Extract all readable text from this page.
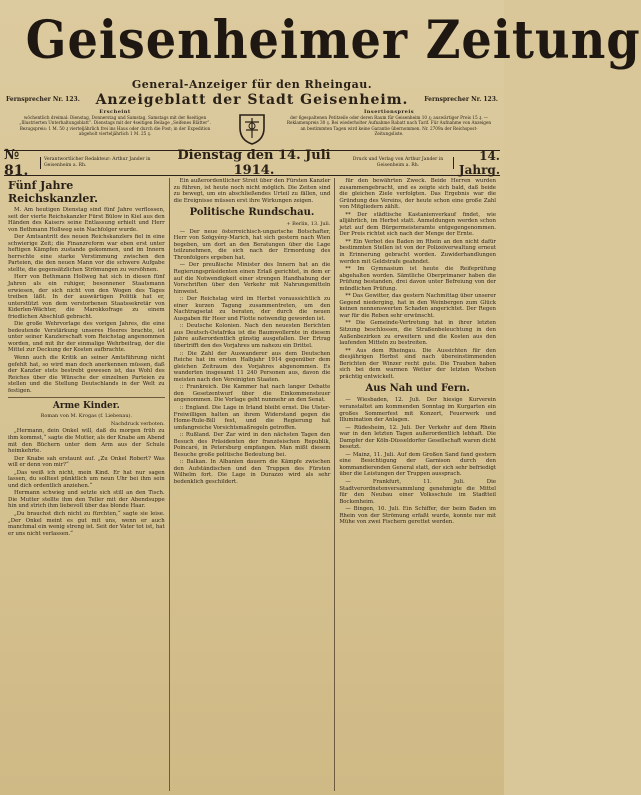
Geisenheimer Zeitung
General-Anzeiger für den Rheingau.
Fernsprecher Nr. 123.	Anzeigeblatt der Stadt Geisenheim.	Fernsprecher Nr. 123.
Erscheint
wöchentlich dreimal: Dienstag, Donnerstag und Samstag, Samstags mit der 8seitigen „Illustrierten Unterhaltungsblatt“. Dienstags mit der 4seitigen Beilage „Seifenes Blätter“. Bezugspreis: 1 M. 50 ₰ vierteljährlich frei ins Haus oder durch die Post; in der Expedition abgeholt vierteljährlich 1 M. 25 ₰.
Insertionspreis
der 6gespaltenen Petitzeile oder deren Raum für Geisenheim 10 ₰; auswärtiger Preis 15 ₰. — Reklamenpreis 30 ₰. Bei wiederholter Aufnahme Rabatt nach Tarif. Für Aufnahme von Anzeigen an bestimmten Tagen wird keine Garantie übernommen. Nr. 2709a der Reichspost-Zeitungsliste.
№ 81.
Verantwortlicher Redakteur: Arthur Jander in Geisenheim a. Rh.
Dienstag den 14. Juli 1914.
Druck und Verlag von Arthur Jander in Geisenheim a. Rh.
14. Jahrg.
Fünf Jahre Reichskanzler.

M. Am heutigen Dienstag sind fünf Jahre verflossen, seit der vierte Reichskanzler Fürst Bülow in Kiel aus den Händen des Kaisers seine Entlassung erhielt und Herr von Bethmann Hollweg sein Nachfolger wurde.

Der Amtsantritt des neuen Reichskanzlers fiel in eine schwierige Zeit; die Finanzreform war eben erst unter heftigen Kämpfen zustande gekommen, und im Innern herrschte eine starke Verstimmung zwischen den Parteien, die den neuen Mann vor die schwere Aufgabe stellte, die gegensätzlichen Strömungen zu versöhnen.

Herr von Bethmann Hollweg hat sich in diesen fünf Jahren als ein ruhiger, besonnener Staatsmann erwiesen, der sich nicht von den Wogen des Tages treiben läßt. In der auswärtigen Politik hat er, unterstützt von dem verstorbenen Staatssekretär von Kiderlen-Wächter, die Marokkofrage zu einem friedlichen Abschluß gebracht.

Die große Wehrvorlage des vorigen Jahres, die eine bedeutende Verstärkung unseres Heeres brachte, ist unter seiner Kanzlerschaft vom Reichstag angenommen worden, und mit ihr der einmalige Wehrbeitrag, der die Mittel zur Deckung der Kosten aufbrachte.

Wenn auch die Kritik an seiner Amtsführung nicht gefehlt hat, so wird man doch anerkennen müssen, daß der Kanzler stets bestrebt gewesen ist, das Wohl des Reiches über die Wünsche der einzelnen Parteien zu stellen und die Stellung Deutschlands in der Welt zu festigen.

Arme Kinder.
Roman von M. Krogas (f. Liebenau).
Nachdruck verboten.

„Hermann, dein Onkel will, daß du morgen früh zu ihm kommst,“ sagte die Mutter, als der Knabe am Abend mit den Büchern unter dem Arm aus der Schule heimkehrte.

Der Knabe sah erstaunt auf. „Zu Onkel Robert? Was will er denn von mir?“

„Das weiß ich nicht, mein Kind. Er hat nur sagen lassen, du solltest pünktlich um neun Uhr bei ihm sein und dich ordentlich anziehen.“

Hermann schwieg und setzte sich still an den Tisch. Die Mutter stellte ihm den Teller mit der Abendsuppe hin und strich ihm liebevoll über das blonde Haar.

„Du brauchst dich nicht zu fürchten,“ sagte sie leise. „Der Onkel meint es gut mit uns, wenn er auch manchmal ein wenig streng ist. Seit der Vater tot ist, hat er uns nicht verlassen.“

Ein außerordentlicher Streit über den Fürsten Kanzler zu führen, ist heute noch nicht möglich. Die Zeiten sind zu bewegt, um ein abschließendes Urteil zu fällen, und die Ereignisse müssen erst ihre Wirkungen zeigen.

Politische Rundschau.
+ Berlin, 13. Juli.

— Der neue österreichisch-ungarische Botschafter, Herr von Szögyény-Marich, hat sich gestern nach Wien begeben, um dort an den Beratungen über die Lage teilzunehmen, die sich nach der Ermordung des Thronfolgers ergeben hat.

— Der preußische Minister des Innern hat an die Regierungspräsidenten einen Erlaß gerichtet, in dem er auf die Notwendigkeit einer strengen Handhabung der Vorschriften über den Verkehr mit Nahrungsmitteln hinweist.

:: Der Reichstag wird im Herbst voraussichtlich zu einer kurzen Tagung zusammentreten, um den Nachtragsetat zu beraten, der durch die neuen Ausgaben für Heer und Flotte notwendig geworden ist.

:: Deutsche Kolonien. Nach den neuesten Berichten aus Deutsch-Ostafrika ist die Baumwollernte in diesem Jahre außerordentlich günstig ausgefallen. Der Ertrag übertrifft den des Vorjahres um nahezu ein Drittel.

:: Die Zahl der Auswanderer aus dem Deutschen Reiche hat im ersten Halbjahr 1914 gegenüber dem gleichen Zeitraum des Vorjahres abgenommen. Es wanderten insgesamt 11 240 Personen aus, davon die meisten nach den Vereinigten Staaten.

:: Frankreich. Die Kammer hat nach langer Debatte den Gesetzentwurf über die Einkommensteuer angenommen. Die Vorlage geht nunmehr an den Senat.

:: England. Die Lage in Irland bleibt ernst. Die Ulster-Freiwilligen halten an ihrem Widerstand gegen die Home-Rule-Bill fest, und die Regierung hat umfangreiche Vorsichtsmaßregeln getroffen.

:: Rußland. Der Zar wird in den nächsten Tagen den Besuch des Präsidenten der französischen Republik, Poincaré, in Petersburg empfangen. Man mißt diesem Besuche große politische Bedeutung bei.

:: Balkan. In Albanien dauern die Kämpfe zwischen den Aufständischen und den Truppen des Fürsten Wilhelm fort. Die Lage in Durazzo wird als sehr bedenklich geschildert.

für den bewährten Zweck. Beide Herren wurden zusammengebracht, und es zeigte sich bald, daß beide die gleichen Ziele verfolgten. Das Ergebnis war die Gründung des Vereins, der heute schon eine große Zahl von Mitgliedern zählt.

** Der städtische Kastanienverkauf findet, wie alljährlich, im Herbst statt. Anmeldungen werden schon jetzt auf dem Bürgermeisteramte entgegengenommen. Der Preis richtet sich nach der Menge der Ernte.

** Ein Verbot des Baden im Rhein an den nicht dafür bestimmten Stellen ist von der Polizeiverwaltung erneut in Erinnerung gebracht worden. Zuwiderhandlungen werden mit Geldstrafe geahndet.

** Im Gymnasium ist heute die Reifeprüfung abgehalten worden. Sämtliche Oberprimaner haben die Prüfung bestanden, drei davon unter Befreiung von der mündlichen Prüfung.

** Das Gewitter, das gestern Nachmittag über unserer Gegend niederging, hat in den Weinbergen zum Glück keinen nennenswerten Schaden angerichtet. Der Regen war für die Reben sehr erwünscht.

** Die Gemeinde-Vertretung hat in ihrer letzten Sitzung beschlossen, die Straßenbeleuchtung in den Außenbezirken zu erweitern und die Kosten aus den laufenden Mitteln zu bestreiten.

** Aus dem Rheingau. Die Aussichten für den diesjährigen Herbst sind nach übereinstimmenden Berichten der Winzer recht gute. Die Trauben haben sich bei dem warmen Wetter der letzten Wochen prächtig entwickelt.

Aus Nah und Fern.

— Wiesbaden, 12. Juli. Der hiesige Kurverein veranstaltet am kommenden Sonntag im Kurgarten ein großes Sommerfest mit Konzert, Feuerwerk und Illumination der Anlagen.

— Rüdesheim, 12. Juli. Der Verkehr auf dem Rhein war in den letzten Tagen außerordentlich lebhaft. Die Dampfer der Köln-Düsseldorfer Gesellschaft waren dicht besetzt.

— Mainz, 11. Juli. Auf dem Großen Sand fand gestern eine Besichtigung der Garnison durch den kommandierenden General statt, der sich sehr befriedigt über die Leistungen der Truppen aussprach.

— Frankfurt, 11. Juli. Die Stadtverordnetenversammlung genehmigte die Mittel für den Neubau einer Volksschule im Stadtteil Bockenheim.

— Bingen, 10. Juli. Ein Schiffer, der beim Baden im Rhein von der Strömung erfaßt wurde, konnte nur mit Mühe von zwei Fischern gerettet werden.
